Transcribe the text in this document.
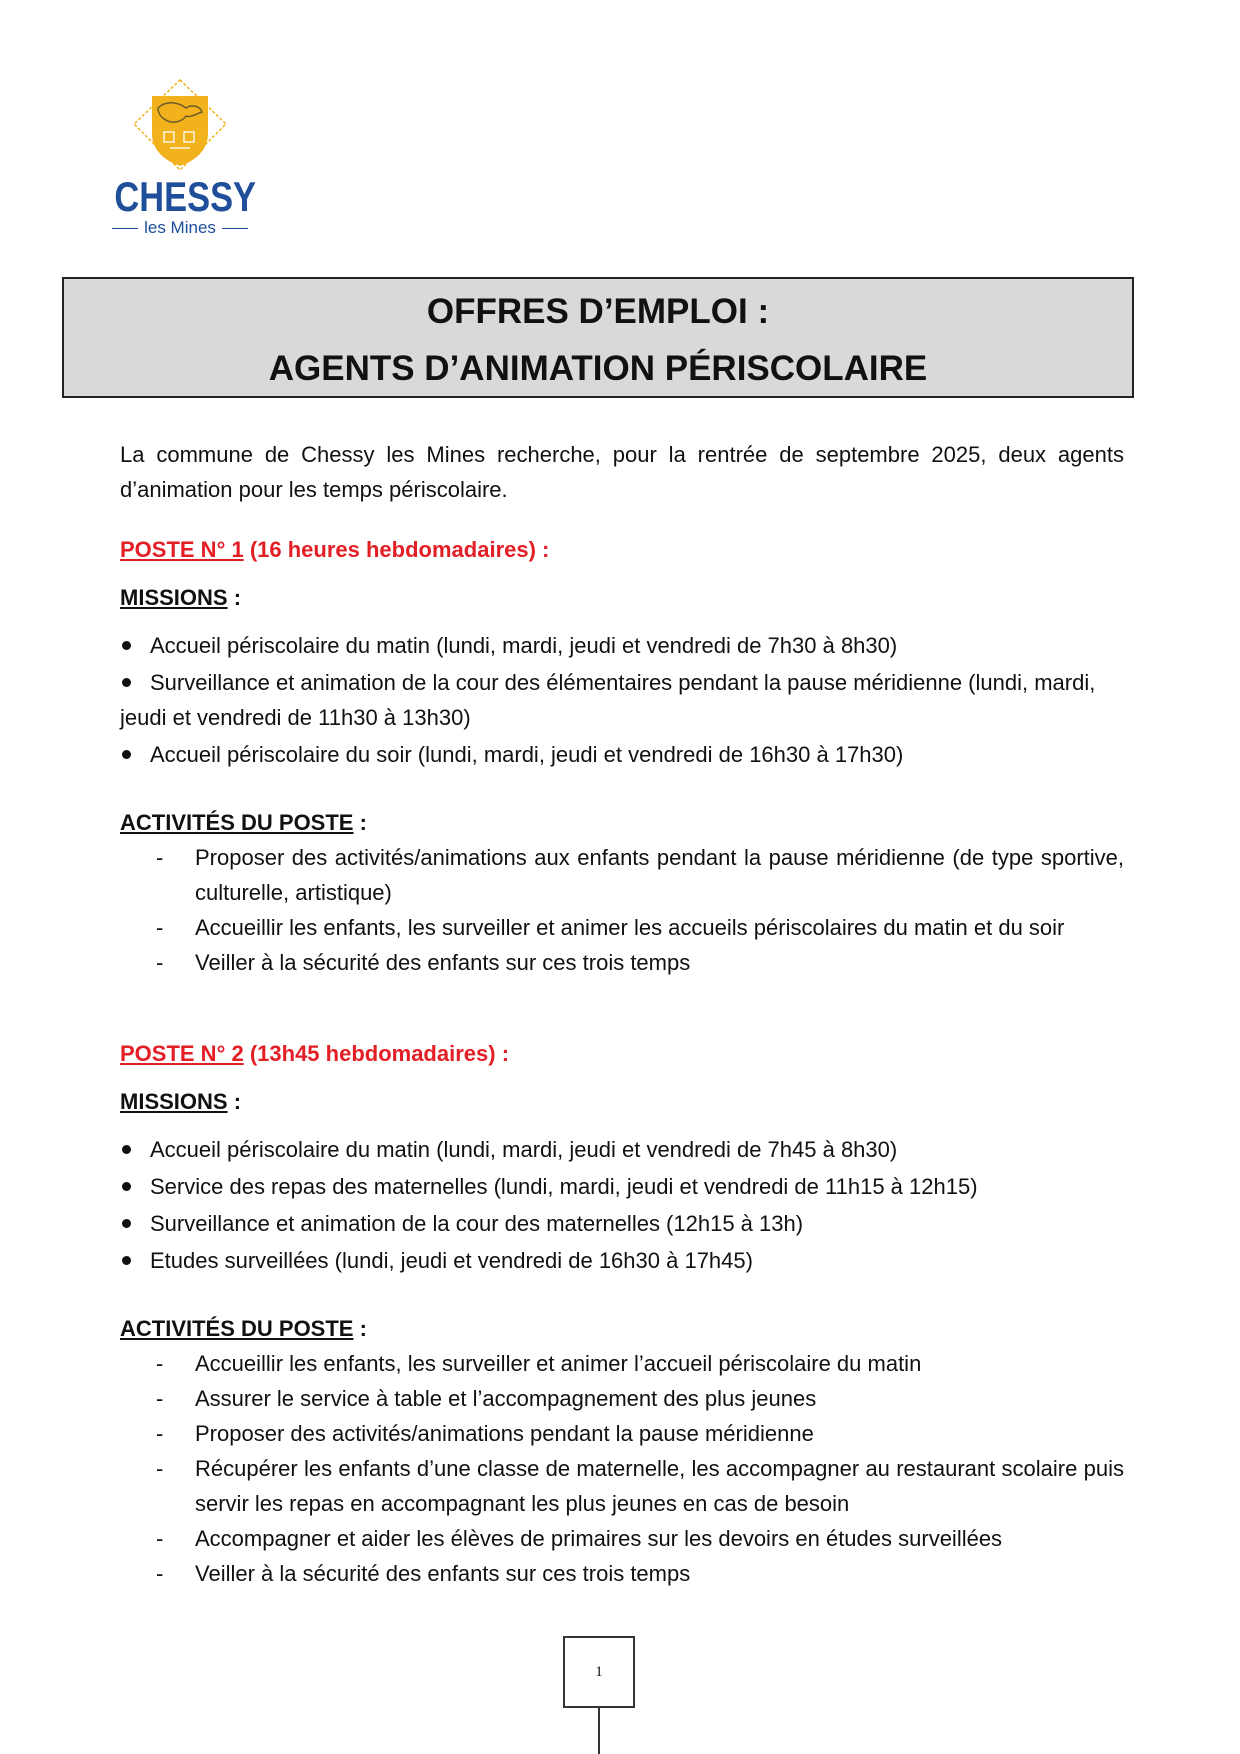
CHESSY
les Mines
OFFRES D’EMPLOI :
AGENTS D’ANIMATION PÉRISCOLAIRE

La commune de Chessy les Mines recherche, pour la rentrée de septembre 2025, deux agents d’animation pour les temps périscolaire.

POSTE N° 1 (16 heures hebdomadaires) :
MISSIONS :
Accueil périscolaire du matin (lundi, mardi, jeudi et vendredi de 7h30 à 8h30)
Surveillance et animation de la cour des élémentaires pendant la pause méridienne (lundi, mardi, jeudi et vendredi de 11h30 à 13h30)
Accueil périscolaire du soir (lundi, mardi, jeudi et vendredi de 16h30 à 17h30)
ACTIVITÉS DU POSTE :
- Proposer des activités/animations aux enfants pendant la pause méridienne (de type sportive, culturelle, artistique)
- Accueillir les enfants, les surveiller et animer les accueils périscolaires du matin et du soir
- Veiller à la sécurité des enfants sur ces trois temps
POSTE N° 2 (13h45 hebdomadaires) :
MISSIONS :
Accueil périscolaire du matin (lundi, mardi, jeudi et vendredi de 7h45 à 8h30)
Service des repas des maternelles (lundi, mardi, jeudi et vendredi de 11h15 à 12h15)
Surveillance et animation de la cour des maternelles (12h15 à 13h)
Etudes surveillées (lundi, jeudi et vendredi de 16h30 à 17h45)
ACTIVITÉS DU POSTE :
- Accueillir les enfants, les surveiller et animer l’accueil périscolaire du matin
- Assurer le service à table et l’accompagnement des plus jeunes
- Proposer des activités/animations pendant la pause méridienne
- Récupérer les enfants d’une classe de maternelle, les accompagner au restaurant scolaire puis servir les repas en accompagnant les plus jeunes en cas de besoin
- Accompagner et aider les élèves de primaires sur les devoirs en études surveillées
- Veiller à la sécurité des enfants sur ces trois temps
1
